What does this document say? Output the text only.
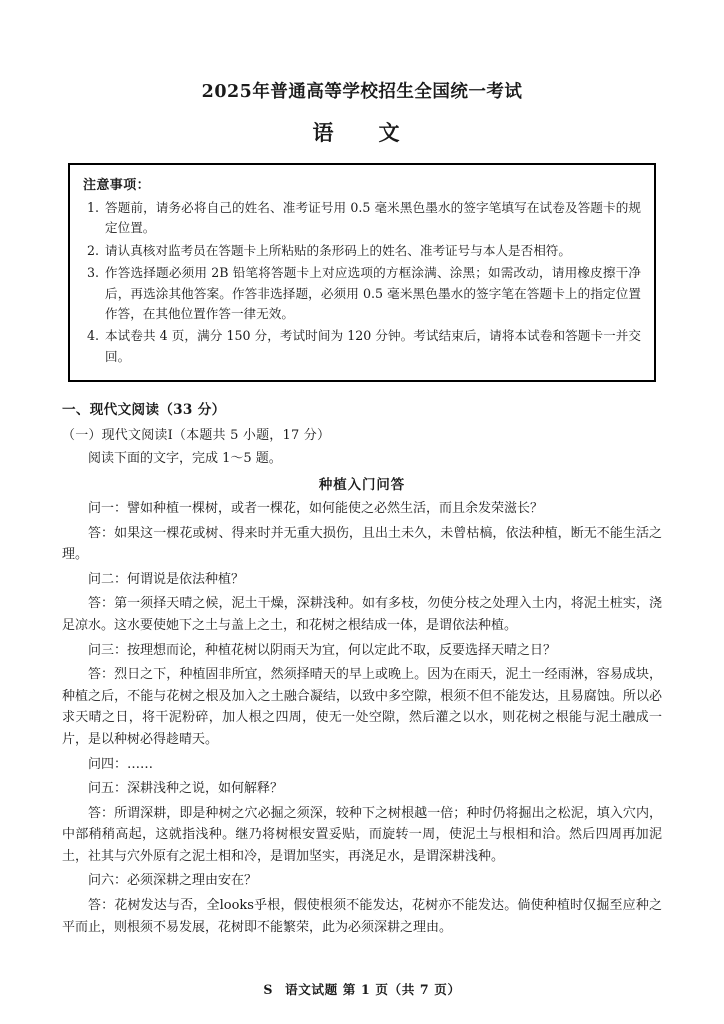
2025年普通高等学校招生全国统一考试
语　文
注意事项：
1. 答题前，请务必将自己的姓名、准考证号用 0.5 毫米黑色墨水的签字笔填写在试卷及答题卡的规定位置。
2. 请认真核对监考员在答题卡上所粘贴的条形码上的姓名、准考证号与本人是否相符。
3. 作答选择题必须用 2B 铅笔将答题卡上对应选项的方框涂满、涂黑；如需改动，请用橡皮擦干净后，再选涂其他答案。作答非选择题，必须用 0.5 毫米黑色墨水的签字笔在答题卡上的指定位置作答，在其他位置作答一律无效。
4. 本试卷共 4 页，满分 150 分，考试时间为 120 分钟。考试结束后，请将本试卷和答题卡一并交回。
一、现代文阅读（33 分）
（一）现代文阅读Ⅰ（本题共 5 小题，17 分）
阅读下面的文字，完成 1～5 题。
种植入门问答
问一：譬如种植一棵树，或者一棵花，如何能使之必然生活，而且余发荣滋长？
答：如果这一棵花或树、得来时并无重大损伤，且出土未久，未曾枯槁，依法种植，断无不能生活之理。
问二：何谓说是依法种植？
答：第一须择天晴之候，泥土干燥，深耕浅种。如有多枝，勿使分枝之处理入土内，将泥土桩实，浇足凉水。这水要使她下之土与盖上之土，和花树之根结成一体，是谓依法种植。
问三：按理想而论，种植花树以阴雨天为宜，何以定此不取，反要选择天晴之日？
答：烈日之下，种植固非所宜，然须择晴天的早上或晚上。因为在雨天，泥土一经雨淋，容易成块，种植之后，不能与花树之根及加入之土融合凝结，以致中多空隙，根须不但不能发达，且易腐蚀。所以必求天晴之日，将干泥粉碎，加人根之四周，使无一处空隙，然后灌之以水，则花树之根能与泥土融成一片，是以种树必得趁晴天。
问四：……
问五：深耕浅种之说，如何解释？
答：所谓深耕，即是种树之穴必掘之须深，较种下之树根越一倍；种时仍将掘出之松泥，填入穴内，中部稍稍高起，这就指浅种。继乃将树根安置妥贴，而旋转一周，使泥土与根相和洽。然后四周再加泥土，社其与穴外原有之泥土相和冷，是谓加坚实，再浇足水，是谓深耕浅种。
问六：必须深耕之理由安在？
答：花树发达与否，全looks乎根，假使根须不能发达，花树亦不能发达。倘使种植时仅掘至应种之平而止，则根须不易发展，花树即不能繁荣，此为必须深耕之理由。
S 语文试题 第 1 页（共 7 页）
